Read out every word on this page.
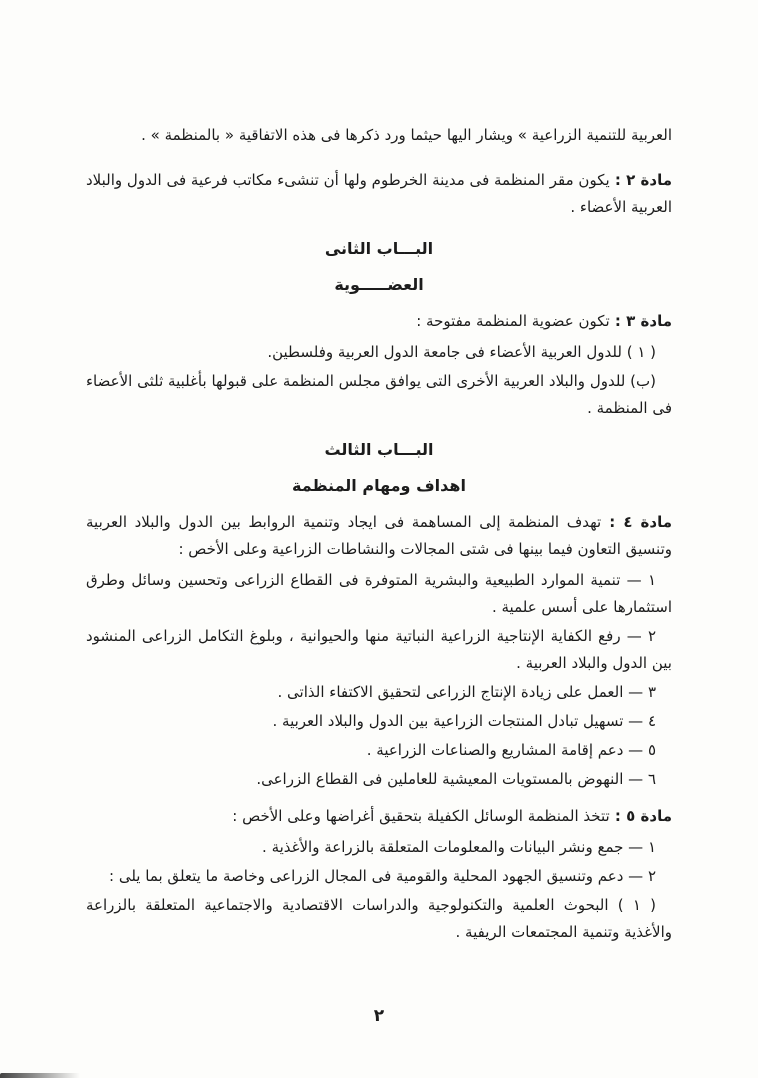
العربية للتنمية الزراعية » ويشار اليها حيثما ورد ذكرها فى هذه الاتفاقية « بالمنظمة » .
مادة ٢ : يكون مقر المنظمة فى مدينة الخرطوم ولها أن تنشىء مكاتب فرعية فى الدول والبلاد العربية الأعضاء .
البـــاب الثانى
العضـــــوية
مادة ٣ : تكون عضوية المنظمة مفتوحة :
( ١ ) للدول العربية الأعضاء فى جامعة الدول العربية وفلسطين.
(ب) للدول والبلاد العربية الأخرى التى يوافق مجلس المنظمة على قبولها بأغلبية ثلثى الأعضاء فى المنظمة .
البـــاب الثالث
اهداف ومهام المنظمة
مادة ٤ : تهدف المنظمة إلى المساهمة فى ايجاد وتنمية الروابط بين الدول والبلاد العربية وتنسيق التعاون فيما بينها فى شتى المجالات والنشاطات الزراعية وعلى الأخص :
١ — تنمية الموارد الطبيعية والبشرية المتوفرة فى القطاع الزراعى وتحسين وسائل وطرق استثمارها على أسس علمية .
٢ — رفع الكفاية الإنتاجية الزراعية النباتية منها والحيوانية ، وبلوغ التكامل الزراعى المنشود بين الدول والبلاد العربية .
٣ — العمل على زيادة الإنتاج الزراعى لتحقيق الاكتفاء الذاتى .
٤ — تسهيل تبادل المنتجات الزراعية بين الدول والبلاد العربية .
٥ — دعم إقامة المشاريع والصناعات الزراعية .
٦ — النهوض بالمستويات المعيشية للعاملين فى القطاع الزراعى.
مادة ٥ : تتخذ المنظمة الوسائل الكفيلة بتحقيق أغراضها وعلى الأخص :
١ — جمع ونشر البيانات والمعلومات المتعلقة بالزراعة والأغذية .
٢ — دعم وتنسيق الجهود المحلية والقومية فى المجال الزراعى وخاصة ما يتعلق بما يلى :
( ١ ) البحوث العلمية والتكنولوجية والدراسات الاقتصادية والاجتماعية المتعلقة بالزراعة والأغذية وتنمية المجتمعات الريفية .
٢
